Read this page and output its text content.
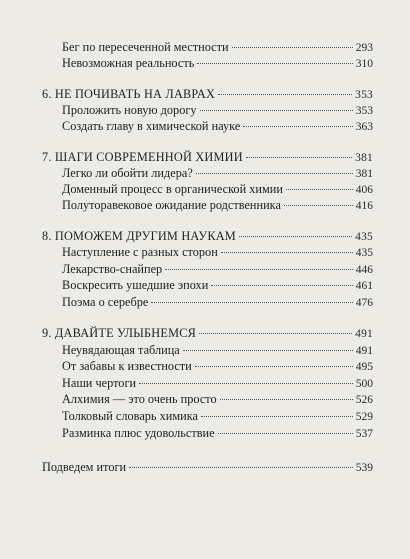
Бег по пересеченной местности	293
Невозможная реальность	310
6. НЕ ПОЧИВАТЬ НА ЛАВРАХ	353
Проложить новую дорогу	353
Создать главу в химической науке	363
7. ШАГИ СОВРЕМЕННОЙ ХИМИИ	381
Легко ли обойти лидера?	381
Доменный процесс в органической химии	406
Полуторавековое ожидание родственника	416
8. ПОМОЖЕМ ДРУГИМ НАУКАМ	435
Наступление с разных сторон	435
Лекарство-снайпер	446
Воскресить ушедшие эпохи	461
Поэма о серебре	476
9. ДАВАЙТЕ УЛЫБНЕМСЯ	491
Неувядающая таблица	491
От забавы к известности	495
Наши чертоги	500
Алхимия — это очень просто	526
Толковый словарь химика	529
Разминка плюс удовольствие	537
Подведем итоги	539
